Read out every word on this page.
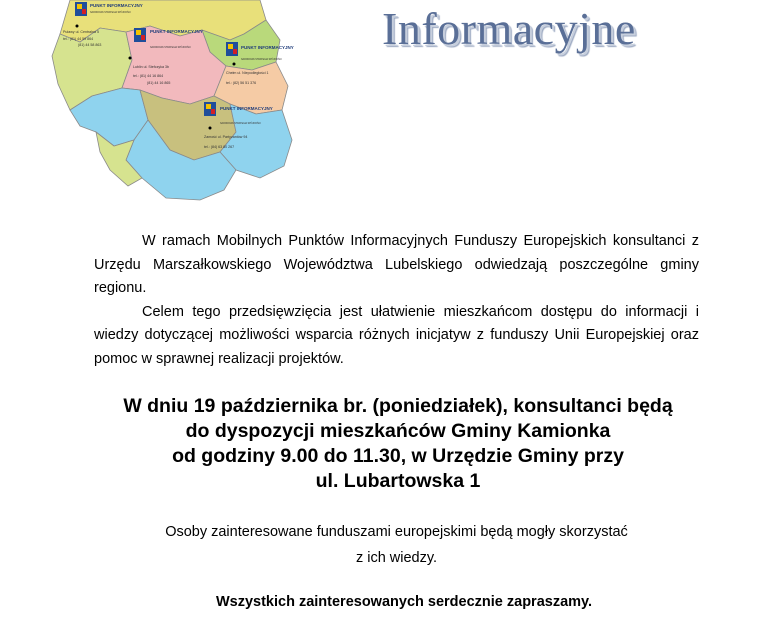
PUNKT INFORMACYJNY
NARODOWA STRATEGIA SPÓJNOŚCI
Puławy ul. Centralna 5
tel.: (81) 44 59 864
(81) 44 58 863
PUNKT INFORMACYJNY
NARODOWA STRATEGIA SPÓJNOŚCI
Lublin ul. Stefczyka 3b
tel.: (81) 44 16 864
(81) 44 16 865
PUNKT INFORMACYJNY
NARODOWA STRATEGIA SPÓJNOŚCI
Chełm ul. Niepodległości 1
tel.: (82) 56 51 376
PUNKT INFORMACYJNY
NARODOWA STRATEGIA SPÓJNOŚCI
Zamość ul. Partyzantów 94
tel.: (84) 63 80 267
Informacyjne

W ramach Mobilnych Punktów Informacyjnych Funduszy Europejskich konsultanci z Urzędu Marszałkowskiego Województwa Lubelskiego odwiedzają poszczególne gminy regionu.

Celem tego przedsięwzięcia jest ułatwienie mieszkańcom dostępu do informacji i wiedzy dotyczącej możliwości wsparcia różnych inicjatyw z funduszy Unii Europejskiej oraz pomoc w sprawnej realizacji projektów.

W dniu 19 października br. (poniedziałek), konsultanci będą
do dyspozycji mieszkańców Gminy Kamionka
od godziny 9.00 do 11.30, w Urzędzie Gminy przy
ul. Lubartowska 1
Osoby zainteresowane funduszami europejskimi będą mogły skorzystać
z ich wiedzy.
Wszystkich zainteresowanych serdecznie zapraszamy.
